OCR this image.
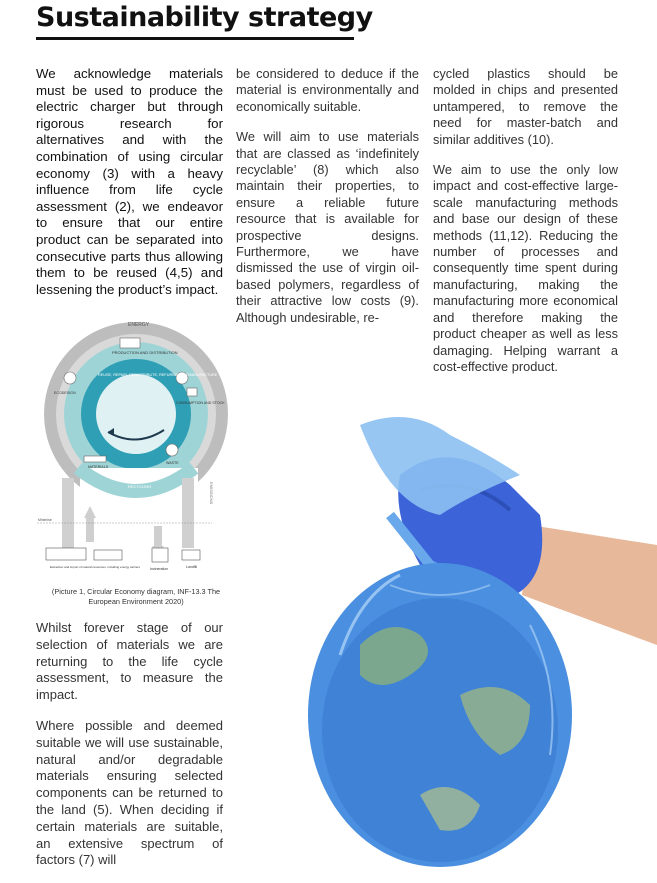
Sustainability strategy

We acknowledge materials must be used to produce the electric charger but through rigorous research for alternatives and with the combination of using circular economy (3) with a heavy influence from life cycle assessment (2), we endeavor to ensure that our entire product can be separated into consecutive parts thus allowing them to be reused (4,5) and lessening the product’s impact.

be considered to deduce if the material is environmentally and economically suitable.

We will aim to use materials that are classed as ‘indefinitely recyclable’ (8) which also maintain their properties, to ensure a reliable future resource that is available for prospective designs. Furthermore, we have dismissed the use of virgin oil-based polymers, regardless of their attractive low costs (9). Although undesirable, re-

cycled plastics should be molded in chips and presented untampered, to remove the need for master-batch and similar additives (10).

We aim to use the only low impact and cost-effective large-scale manufacturing methods and base our design of these methods (11,12). Reducing the number of processes and consequently time spent during manufacturing, making the manufacturing more economical and therefore making the product cheaper as well as less damaging. Helping warrant a cost-effective product.

ENERGY
PRODUCTION AND DISTRIBUTION
REUSE, REPAIR, REDISTRIBUTE, REFURBISH, REMANUFACTURE
CONSUMPTION AND STOCK
ECODESIGN
MATERIALS
WASTE
RECYCLING	EMISSIONS
Minimise
Extraction and import of natural resources, including energy carriers	Incineration	Landfill
(Picture 1, Circular Economy diagram, INF-13.3 The European Environment 2020)

Whilst forever stage of our selection of materials we are returning to the life cycle assessment, to measure the impact.

Where possible and deemed suitable we will use sustainable, natural and/or degradable materials ensuring selected components can be returned to the land (5). When deciding if certain materials are suitable, an extensive spectrum of factors (7) will
